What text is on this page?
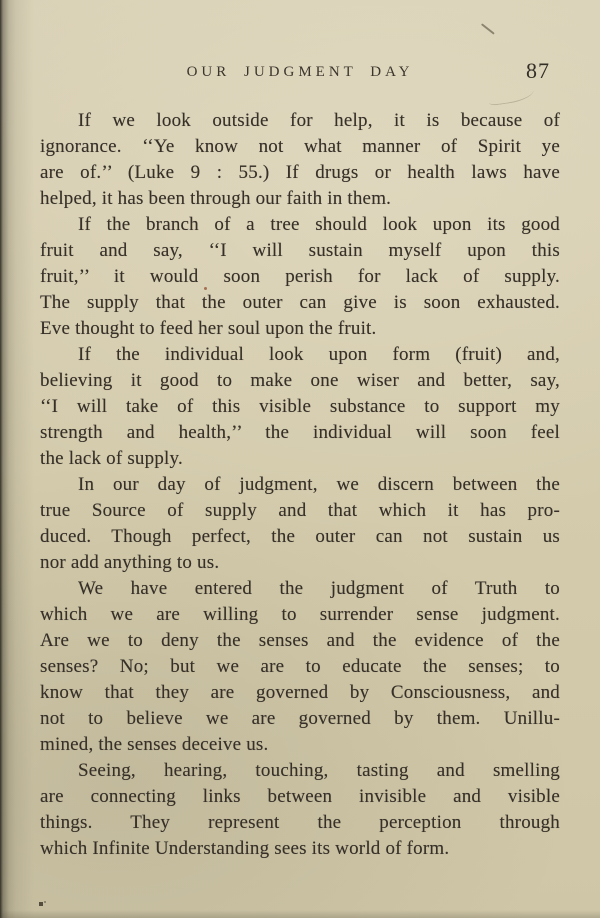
OUR JUDGMENT DAY	87
If we look outside for help, it is because of
ignorance. ‘‘Ye know not what manner of Spirit ye
are of.’’ (Luke 9 : 55.) If drugs or health laws have
helped, it has been through our faith in them.
If the branch of a tree should look upon its good
fruit and say, ‘‘I will sustain myself upon this
fruit,’’ it would soon perish for lack of supply.
The supply that the outer can give is soon exhausted.
Eve thought to feed her soul upon the fruit.
If the individual look upon form (fruit) and,
believing it good to make one wiser and better, say,
‘‘I will take of this visible substance to support my
strength and health,’’ the individual will soon feel
the lack of supply.
In our day of judgment, we discern between the
true Source of supply and that which it has pro-
duced. Though perfect, the outer can not sustain us
nor add anything to us.
We have entered the judgment of Truth to
which we are willing to surrender sense judgment.
Are we to deny the senses and the evidence of the
senses? No; but we are to educate the senses; to
know that they are governed by Consciousness, and
not to believe we are governed by them. Unillu-
mined, the senses deceive us.
Seeing, hearing, touching, tasting and smelling
are connecting links between invisible and visible
things. They represent the perception through
which Infinite Understanding sees its world of form.
